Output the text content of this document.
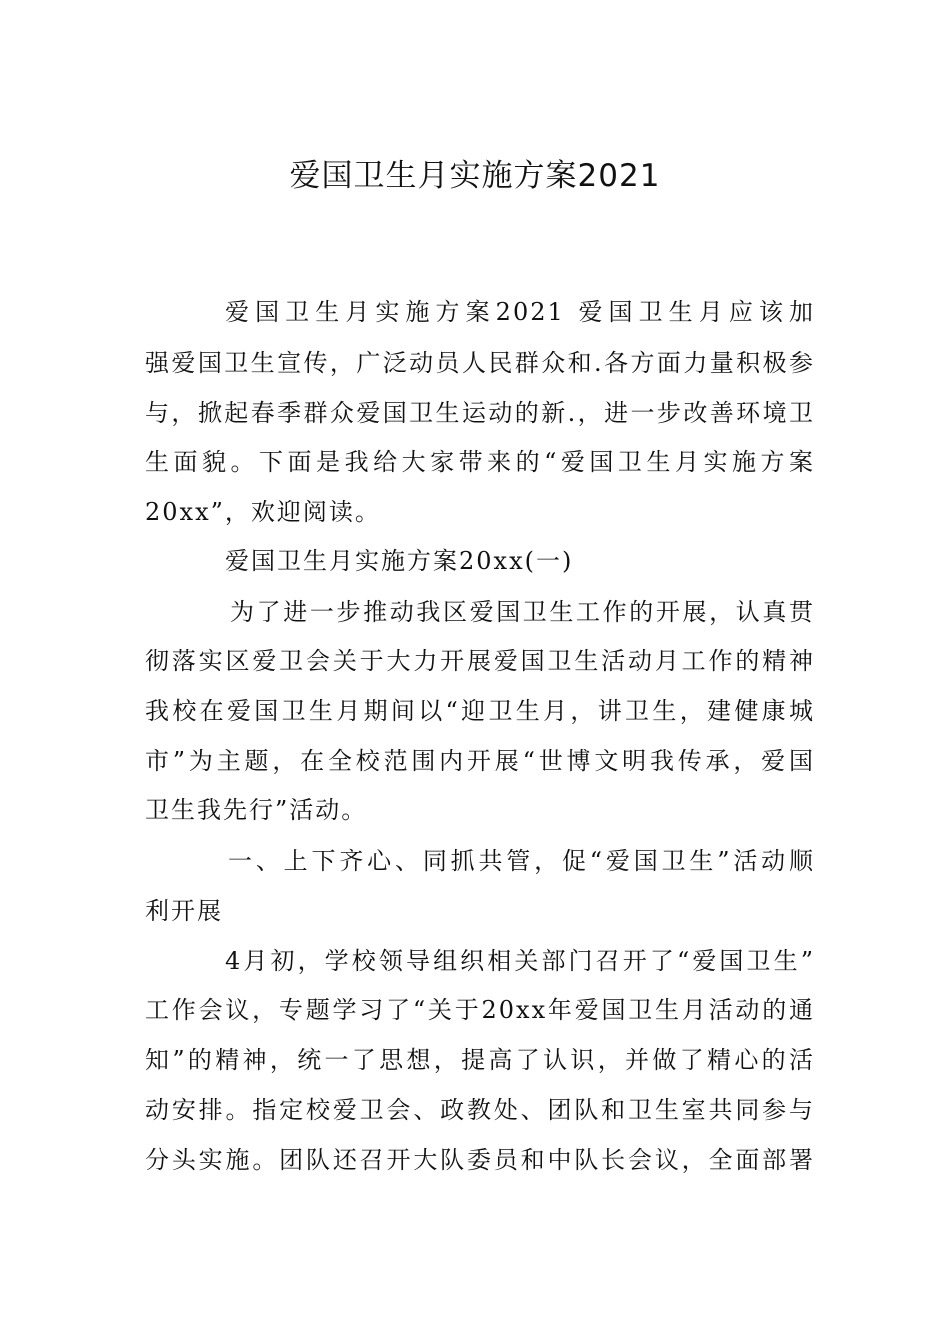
爱国卫生月实施方案2021
爱国卫生月实施方案2021 爱国卫生月应该加
强爱国卫生宣传，广泛动员人民群众和.各方面力量积极参
与，掀起春季群众爱国卫生运动的新.，进一步改善环境卫
生面貌。下面是我给大家带来的“爱国卫生月实施方案
20xx”，欢迎阅读。
爱国卫生月实施方案20xx(一)
为了进一步推动我区爱国卫生工作的开展，认真贯
彻落实区爱卫会关于大力开展爱国卫生活动月工作的精神
我校在爱国卫生月期间以“迎卫生月，讲卫生，建健康城
市”为主题，在全校范围内开展“世博文明我传承，爱国
卫生我先行”活动。
一、上下齐心、同抓共管，促“爱国卫生”活动顺
利开展
4月初，学校领导组织相关部门召开了“爱国卫生”
工作会议，专题学习了“关于20xx年爱国卫生月活动的通
知”的精神，统一了思想，提高了认识，并做了精心的活
动安排。指定校爱卫会、政教处、团队和卫生室共同参与
分头实施。团队还召开大队委员和中队长会议，全面部署
